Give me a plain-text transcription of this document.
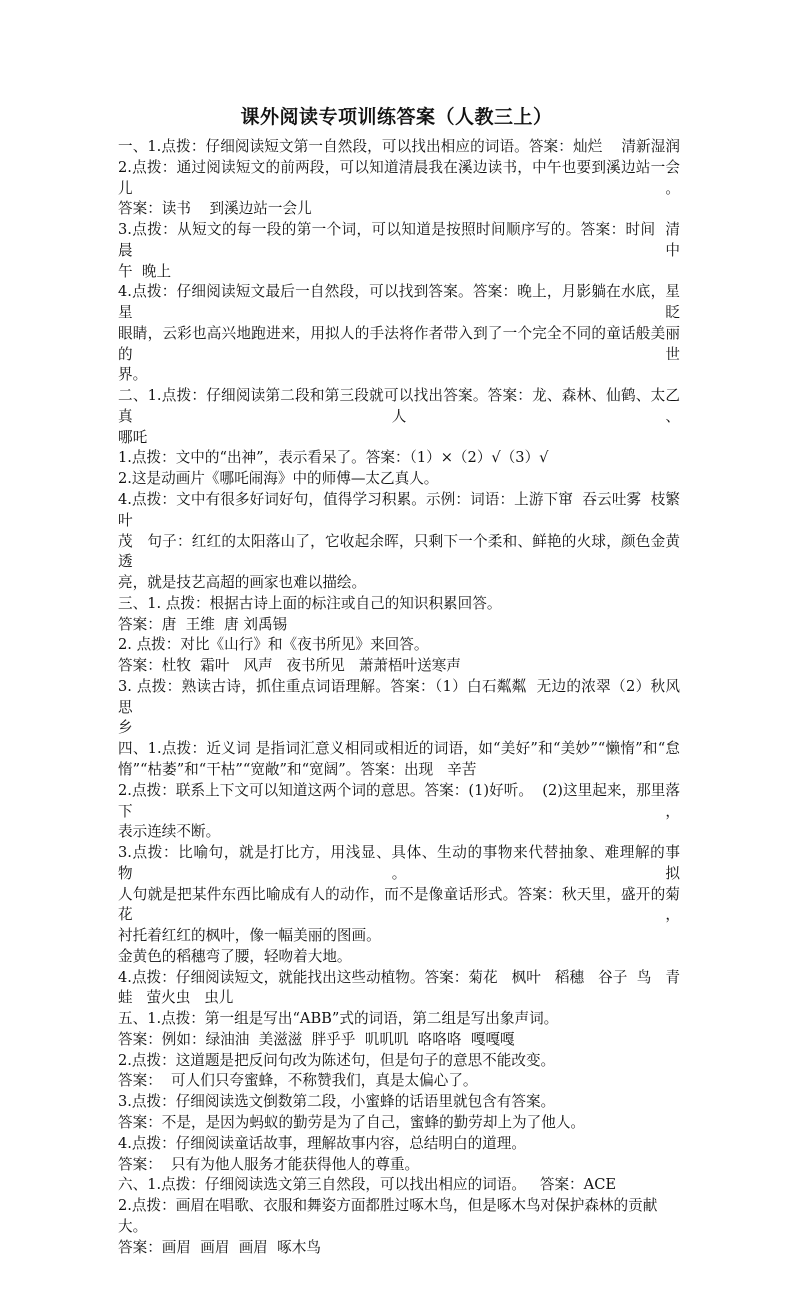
课外阅读专项训练答案（人教三上）
一、1.点拨：仔细阅读短文第一自然段，可以找出相应的词语。答案：灿烂    清新湿润
2.点拨：通过阅读短文的前两段，可以知道清晨我在溪边读书，中午也要到溪边站一会儿。
答案：读书    到溪边站一会儿
3.点拨：从短文的每一段的第一个词，可以知道是按照时间顺序写的。答案：时间  清晨  中
午  晚上
4.点拨：仔细阅读短文最后一自然段，可以找到答案。答案：晚上，月影躺在水底，星星眨
眼睛，云彩也高兴地跑进来，用拟人的手法将作者带入到了一个完全不同的童话般美丽的世
界。
二、1.点拨：仔细阅读第二段和第三段就可以找出答案。答案：龙、森林、仙鹤、太乙真人、
哪吒
1.点拨：文中的“出神”，表示看呆了。答案：（1）×（2）√（3）√
2.这是动画片《哪吒闹海》中的师傅—太乙真人。
4.点拨：文中有很多好词好句，值得学习积累。示例：词语：上游下窜  吞云吐雾  枝繁叶
茂   句子：红红的太阳落山了，它收起余晖，只剩下一个柔和、鲜艳的火球，颜色金黄透
亮，就是技艺高超的画家也难以描绘。
三、1. 点拨：根据古诗上面的标注或自己的知识积累回答。
答案：唐  王维  唐 刘禹锡
2. 点拨：对比《山行》和《夜书所见》来回答。
答案：杜牧  霜叶   风声   夜书所见   萧萧梧叶送寒声
3. 点拨：熟读古诗，抓住重点词语理解。答案：（1）白石粼粼  无边的浓翠（2）秋风  思
乡
四、1.点拨：近义词 是指词汇意义相同或相近的词语，如“美好”和“美妙”“懒惰”和“怠
惰”“枯萎”和“干枯”“宽敞”和“宽阔”。答案：出现   辛苦
2.点拨：联系上下文可以知道这两个词的意思。答案：(1)好听。  (2)这里起来，那里落下，
表示连续不断。
3.点拨：比喻句，就是打比方，用浅显、具体、生动的事物来代替抽象、难理解的事物。拟
人句就是把某件东西比喻成有人的动作，而不是像童话形式。答案：秋天里，盛开的菊花，
衬托着红红的枫叶，像一幅美丽的图画。
金黄色的稻穗弯了腰，轻吻着大地。
4.点拨：仔细阅读短文，就能找出这些动植物。答案：菊花   枫叶   稻穗   谷子  鸟   青
蛙   萤火虫   虫儿
五、1.点拨：第一组是写出“ABB”式的词语，第二组是写出象声词。
答案：例如：绿油油  美滋滋  胖乎乎  叽叽叽  咯咯咯  嘎嘎嘎
2.点拨：这道题是把反问句改为陈述句，但是句子的意思不能改变。
答案：  可人们只夸蜜蜂，不称赞我们，真是太偏心了。
3.点拨：仔细阅读选文倒数第二段，小蜜蜂的话语里就包含有答案。
答案：不是，是因为蚂蚁的勤劳是为了自己，蜜蜂的勤劳却上为了他人。
4.点拨：仔细阅读童话故事，理解故事内容，总结明白的道理。
答案：  只有为他人服务才能获得他人的尊重。
六、1.点拨：仔细阅读选文第三自然段，可以找出相应的词语。   答案：ACE
2.点拨：画眉在唱歌、衣服和舞姿方面都胜过啄木鸟，但是啄木鸟对保护森林的贡献大。
答案：画眉  画眉  画眉  啄木鸟
